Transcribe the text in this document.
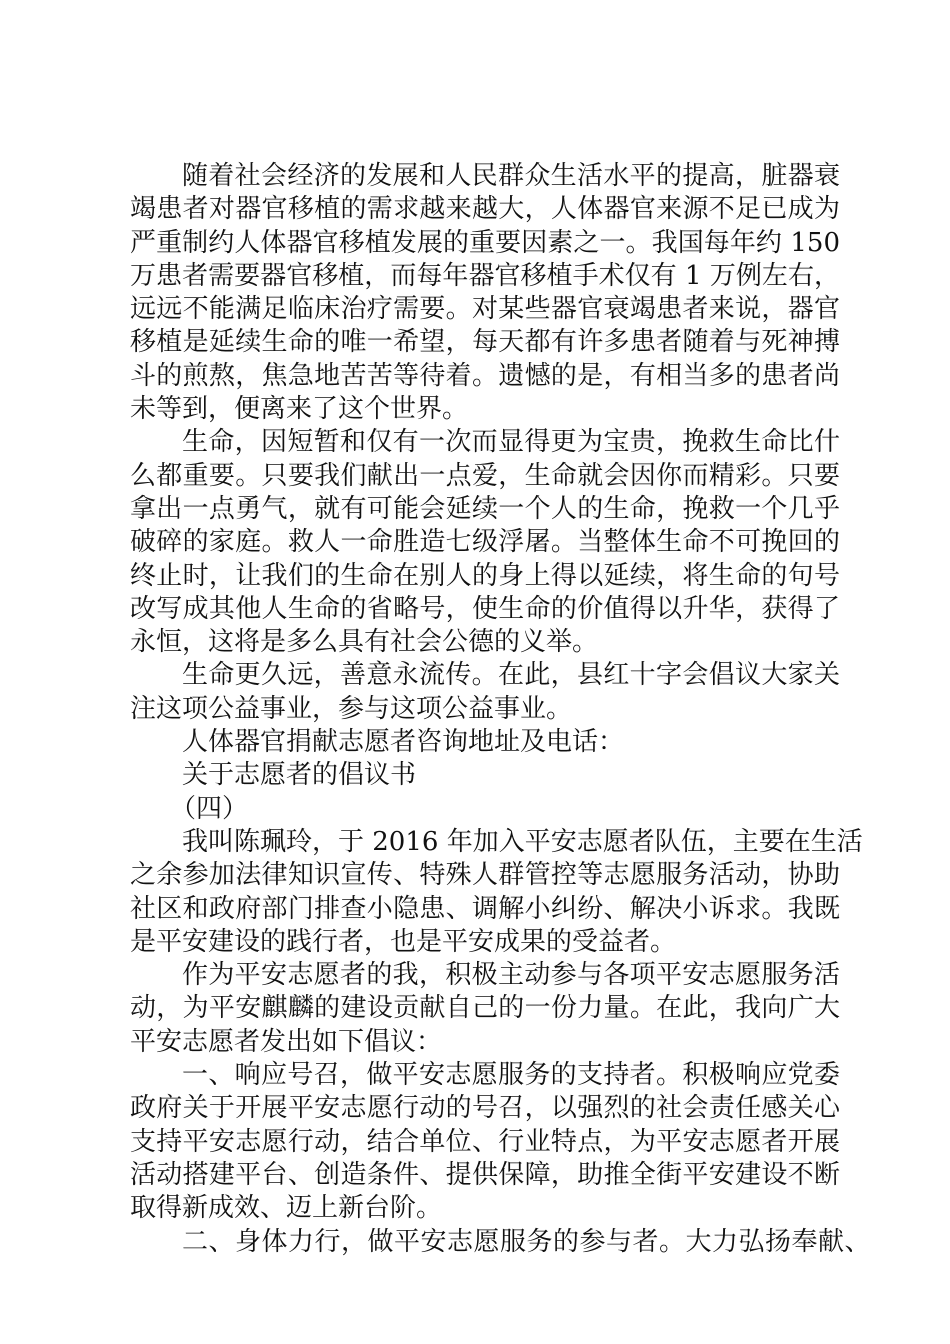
随着社会经济的发展和人民群众生活水平的提高，脏器衰
竭患者对器官移植的需求越来越大，人体器官来源不足已成为
严重制约人体器官移植发展的重要因素之一。我国每年约 150
万患者需要器官移植，而每年器官移植手术仅有 1 万例左右，
远远不能满足临床治疗需要。对某些器官衰竭患者来说，器官
移植是延续生命的唯一希望，每天都有许多患者随着与死神搏
斗的煎熬，焦急地苦苦等待着。遗憾的是，有相当多的患者尚
未等到，便离来了这个世界。
生命，因短暂和仅有一次而显得更为宝贵，挽救生命比什
么都重要。只要我们献出一点爱，生命就会因你而精彩。只要
拿出一点勇气，就有可能会延续一个人的生命，挽救一个几乎
破碎的家庭。救人一命胜造七级浮屠。当整体生命不可挽回的
终止时，让我们的生命在别人的身上得以延续，将生命的句号
改写成其他人生命的省略号，使生命的价值得以升华，获得了
永恒，这将是多么具有社会公德的义举。
生命更久远，善意永流传。在此，县红十字会倡议大家关
注这项公益事业，参与这项公益事业。
人体器官捐献志愿者咨询地址及电话：
关于志愿者的倡议书
（四）
我叫陈珮玲，于 2016 年加入平安志愿者队伍，主要在生活
之余参加法律知识宣传、特殊人群管控等志愿服务活动，协助
社区和政府部门排查小隐患、调解小纠纷、解决小诉求。我既
是平安建设的践行者，也是平安成果的受益者。
作为平安志愿者的我，积极主动参与各项平安志愿服务活
动，为平安麒麟的建设贡献自己的一份力量。在此，我向广大
平安志愿者发出如下倡议：
一、响应号召，做平安志愿服务的支持者。积极响应党委
政府关于开展平安志愿行动的号召，以强烈的社会责任感关心
支持平安志愿行动，结合单位、行业特点，为平安志愿者开展
活动搭建平台、创造条件、提供保障，助推全街平安建设不断
取得新成效、迈上新台阶。
二、身体力行，做平安志愿服务的参与者。大力弘扬奉献、
